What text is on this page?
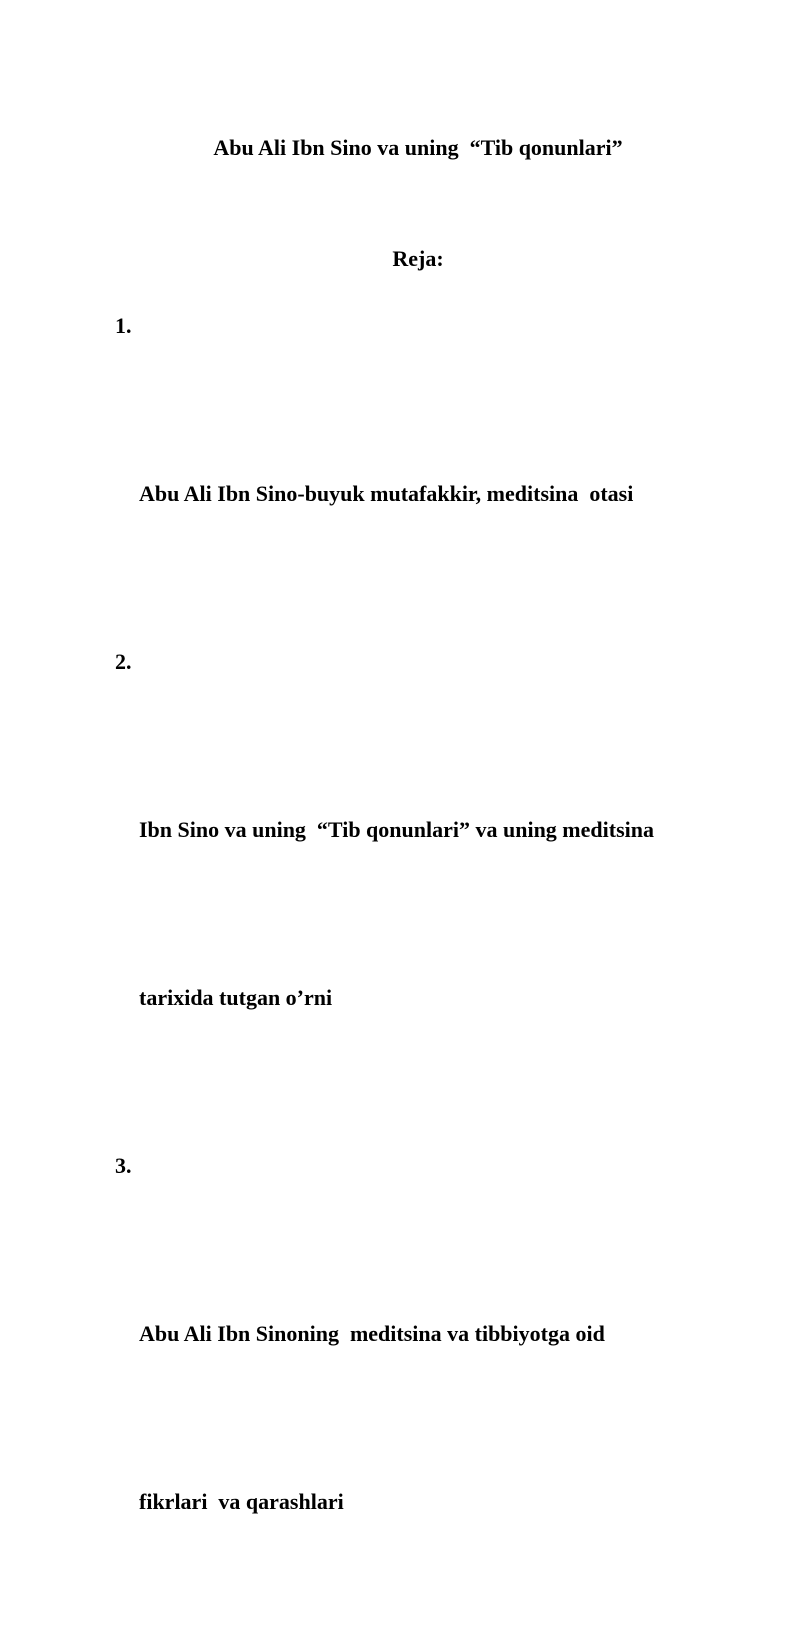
Abu Ali Ibn Sino va uning  “Tib qonunlari”
Reja:

1.

Abu Ali Ibn Sino-buyuk mutafakkir, meditsina  otasi

2.

Ibn Sino va uning  “Tib qonunlari” va uning meditsina

tarixida tutgan o’rni

3.

Abu Ali Ibn Sinoning  meditsina va tibbiyotga oid

fikrlari  va qarashlari
